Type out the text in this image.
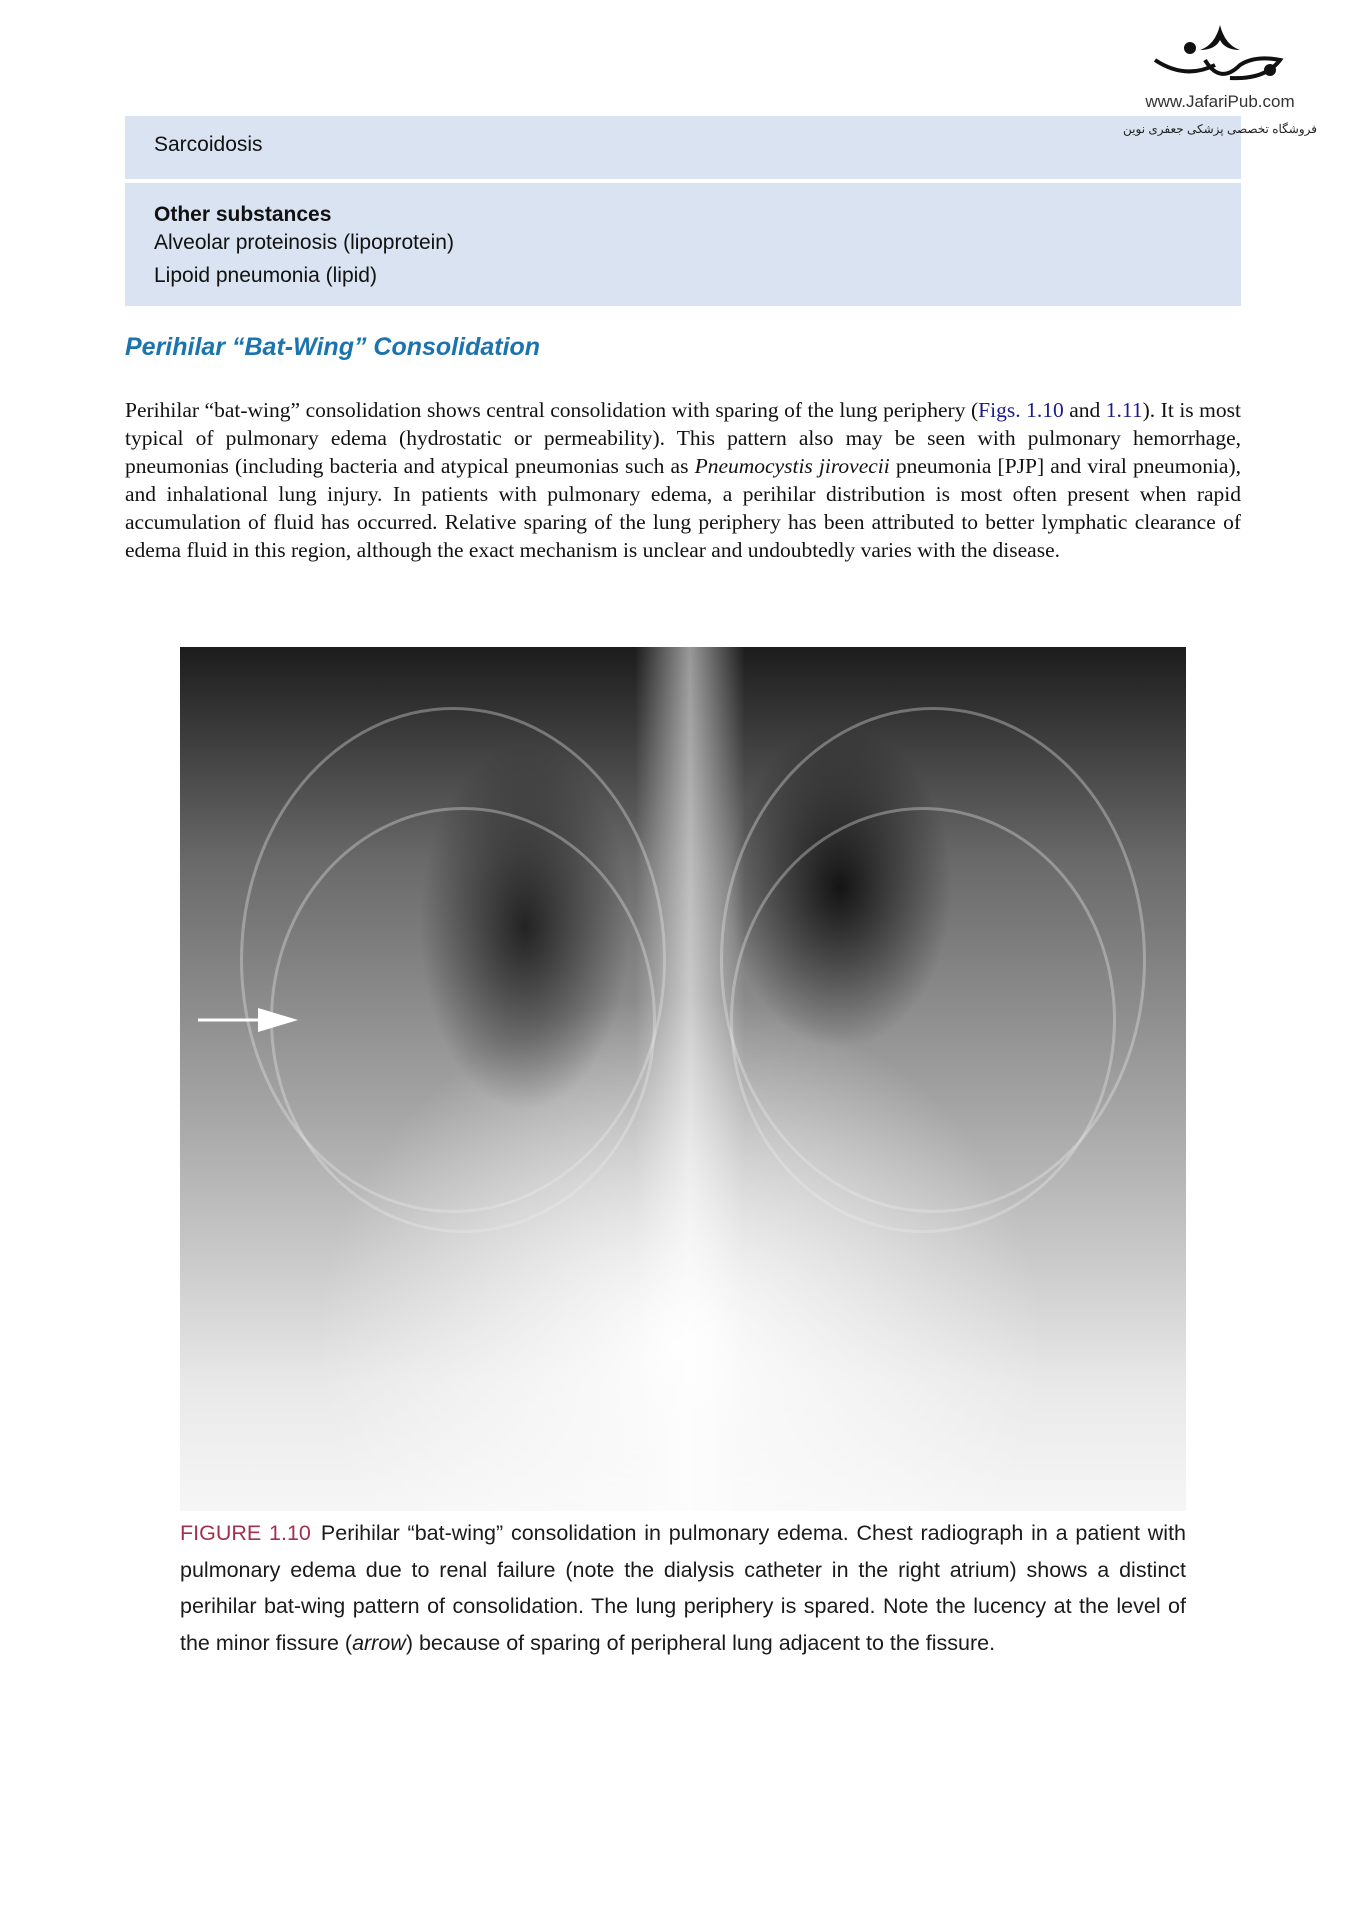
www.JafariPub.com
فروشگاه تخصصی پزشکی جعفری نوین
Sarcoidosis
Other substances
Alveolar proteinosis (lipoprotein)
Lipoid pneumonia (lipid)
Perihilar “Bat-Wing” Consolidation

Perihilar “bat-wing” consolidation shows central consolidation with sparing of the lung periphery (Figs. 1.10 and 1.11). It is most typical of pulmonary edema (hydrostatic or permeability). This pattern also may be seen with pulmonary hemorrhage, pneumonias (including bacteria and atypical pneumonias such as Pneumocystis jirovecii pneumonia [PJP] and viral pneumonia), and inhalational lung injury. In patients with pulmonary edema, a perihilar distribution is most often present when rapid accumulation of fluid has occurred. Relative sparing of the lung periphery has been attributed to better lymphatic clearance of edema fluid in this region, although the exact mechanism is unclear and undoubtedly varies with the disease.

FIGURE 1.10 Perihilar “bat-wing” consolidation in pulmonary edema. Chest radiograph in a patient with pulmonary edema due to renal failure (note the dialysis catheter in the right atrium) shows a distinct perihilar bat-wing pattern of consolidation. The lung periphery is spared. Note the lucency at the level of the minor fissure (arrow) because of sparing of peripheral lung adjacent to the fissure.
